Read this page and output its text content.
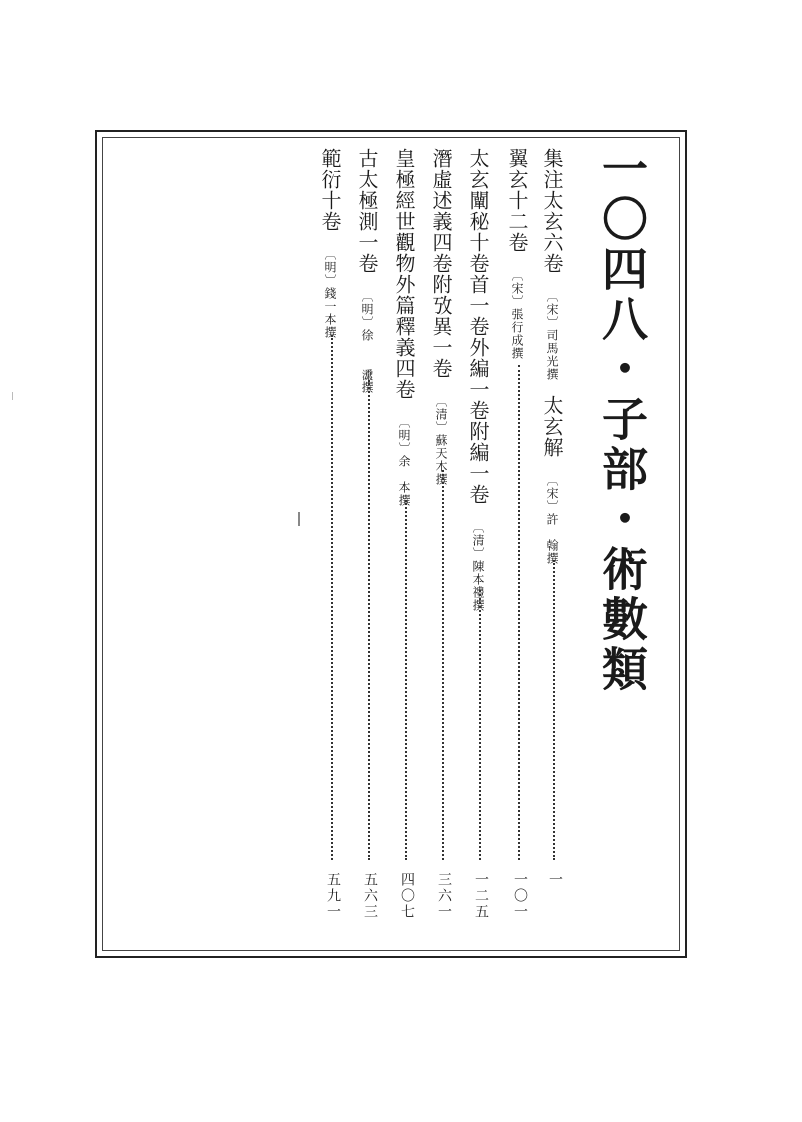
一〇四八・子部・術數類
集注太玄六卷〔宋〕司馬光撰太玄解〔宋〕許　翰撰
一
翼玄十二卷〔宋〕張行成撰
一〇一
太玄闡秘十卷首一卷外編一卷附編一卷〔清〕陳本禮撰
一二五
潛虛述義四卷附攷異一卷〔清〕蘇天木撰
三六一
皇極經世觀物外篇釋義四卷〔明〕余　本撰
四〇七
古太極測一卷〔明〕徐　　𤄪撰
五六三
範衍十卷〔明〕錢一本撰
五九一
